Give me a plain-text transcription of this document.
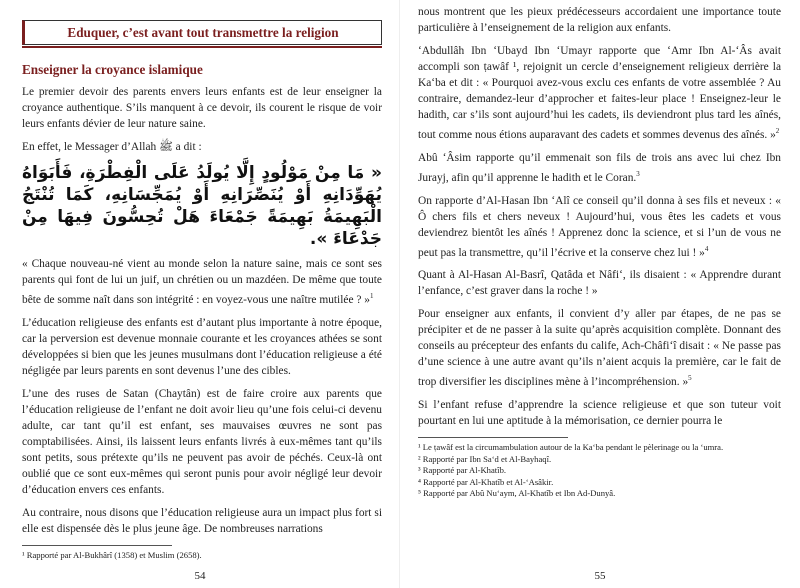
Eduquer, c’est avant tout transmettre la religion
Enseigner la croyance islamique

Le premier devoir des parents envers leurs enfants est de leur enseigner la croyance authentique. S’ils manquent à ce devoir, ils courent le risque de voir leurs enfants dévier de leur nature saine.

En effet, le Messager d’Allah ﷺ a dit :

« مَا مِنْ مَوْلُودٍ إِلَّا يُولَدُ عَلَى الْفِطْرَةِ، فَأَبَوَاهُ يُهَوِّدَانِهِ أَوْ يُنَصِّرَانِهِ أَوْ يُمَجِّسَانِهِ، كَمَا تُنْتَجُ الْبَهِيمَةُ بَهِيمَةً جَمْعَاءَ هَلْ تُحِسُّونَ فِيهَا مِنْ جَدْعَاءَ ».

« Chaque nouveau-né vient au monde selon la nature saine, mais ce sont ses parents qui font de lui un juif, un chrétien ou un mazdéen. De même que toute bête de somme naît dans son intégrité : en voyez-vous une naître mutilée ? »$^1$

L’éducation religieuse des enfants est d’autant plus importante à notre époque, car la perversion est devenue monnaie courante et les croyances athées se sont développées si bien que les jeunes musulmans dont l’éducation religieuse a été négligée par leurs parents en sont devenus l’une des cibles.

L’une des ruses de Satan (Chaytân) est de faire croire aux parents que l’éducation religieuse de l’enfant ne doit avoir lieu qu’une fois celui-ci devenu adulte, car tant qu’il est enfant, ses mauvaises œuvres ne sont pas comptabilisées. Ainsi, ils laissent leurs enfants livrés à eux-mêmes tant qu’ils sont petits, sous prétexte qu’ils ne peuvent pas avoir de péchés. Ceux-là ont oublié que ce sont eux-mêmes qui seront punis pour avoir négligé leur devoir d’éducation envers ces enfants.

Au contraire, nous disons que l’éducation religieuse aura un impact plus fort si elle est dispensée dès le plus jeune âge. De nombreuses narrations

¹ Rapporté par Al-Bukhârî (1358) et Muslim (2658).

54

nous montrent que les pieux prédécesseurs accordaient une importance toute particulière à l’enseignement de la religion aux enfants.

‘Abdullâh Ibn ‘Ubayd Ibn ‘Umayr rapporte que ‘Amr Ibn Al-‘Âs avait accompli son ṭawâf ¹, rejoignit un cercle d’enseignement religieux derrière la Ka‘ba et dit : « Pourquoi avez-vous exclu ces enfants de votre assemblée ? Au contraire, demandez-leur d’approcher et faites-leur place ! Enseignez-leur le hadith, car s’ils sont aujourd’hui les cadets, ils deviendront plus tard les aînés, tout comme nous étions auparavant des cadets et sommes devenus des aînés. »$^2$

Abû ‘Âsim rapporte qu’il emmenait son fils de trois ans avec lui chez Ibn Jurayj, afin qu’il apprenne le hadith et le Coran.$^3$

On rapporte d’Al-Hasan Ibn ‘Alî ce conseil qu’il donna à ses fils et neveux : « Ô chers fils et chers neveux ! Aujourd’hui, vous êtes les cadets et vous deviendrez bientôt les aînés ! Apprenez donc la science, et si l’un de vous ne peut pas la transmettre, qu’il l’écrive et la conserve chez lui ! »$^4$

Quant à Al-Hasan Al-Basrî, Qatâda et Nâfi‘, ils disaient : « Apprendre durant l’enfance, c’est graver dans la roche ! »

Pour enseigner aux enfants, il convient d’y aller par étapes, de ne pas se précipiter et de ne passer à la suite qu’après acquisition complète. Donnant des conseils au précepteur des enfants du calife, Ach-Châfi‘î disait : « Ne passe pas d’une science à une autre avant qu’ils n’aient acquis la première, car le fait de trop diversifier les disciplines mène à l’incompréhension. »$^5$

Si l’enfant refuse d’apprendre la science religieuse et que son tuteur voit pourtant en lui une aptitude à la mémorisation, ce dernier pourra le

¹ Le ṭawâf est la circumambulation autour de la Ka‘ba pendant le pèlerinage ou la ‘umra.

² Rapporté par Ibn Sa‘d et Al-Bayhaqî.

³ Rapporté par Al-Khatîb.

⁴ Rapporté par Al-Khatîb et Al-‘Asâkir.

⁵ Rapporté par Abû Nu‘aym, Al-Khatîb et Ibn Ad-Dunyâ.

55
